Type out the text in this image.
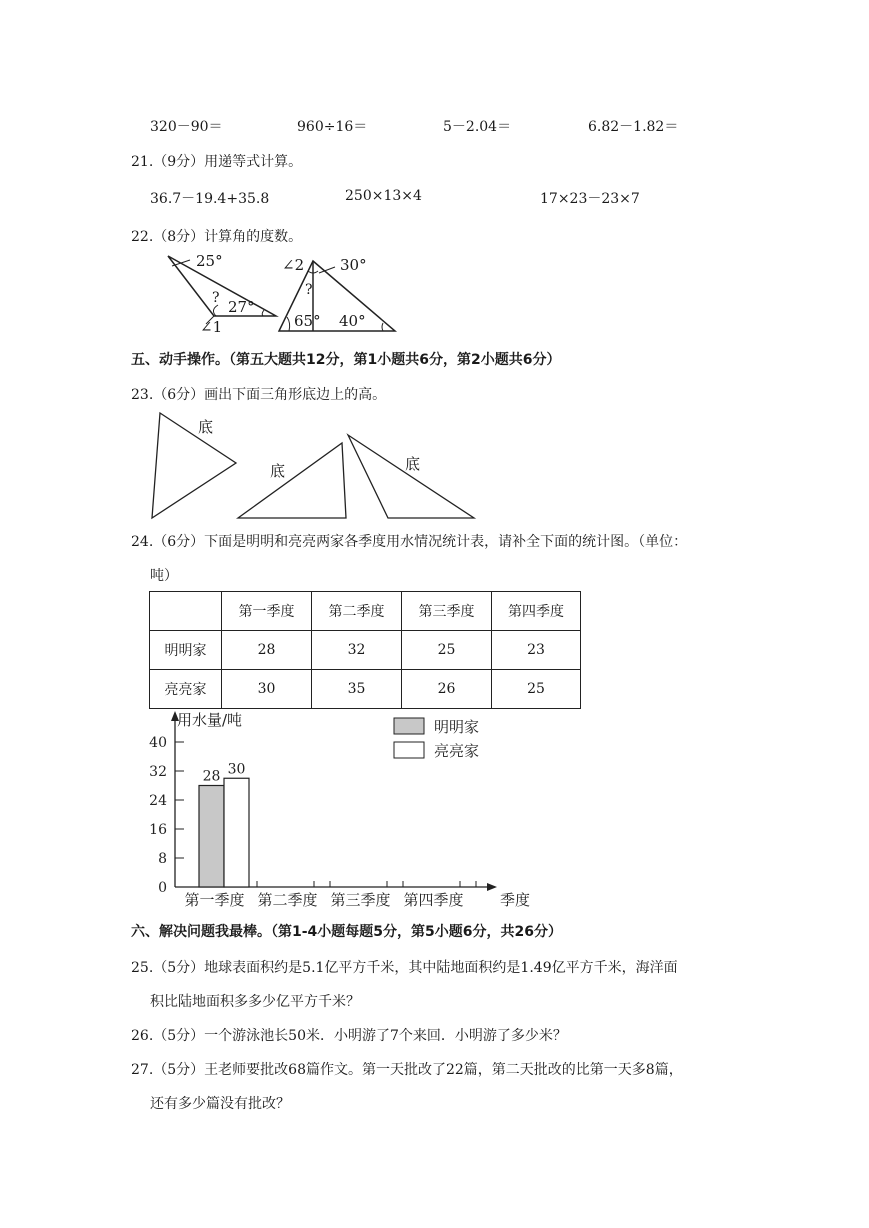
320－90＝	960÷16＝	5－2.04＝	6.82－1.82＝
21.（9分）用递等式计算。
36.7－19.4+35.8	250×13×4	17×23－23×7
22.（8分）计算角的度数。
25°
? 27°
∠1
∠2 30°
?
65° 40°
五、动手操作。（第五大题共12分，第1小题共6分，第2小题共6分）
23.（6分）画出下面三角形底边上的高。
底
底	底
24.（6分）下面是明明和亮亮两家各季度用水情况统计表，请补全下面的统计图。（单位：
吨）
	第一季度	第二季度	第三季度	第四季度
明明家	28	32	25	23
亮亮家	30	35	26	25
用水量/吨
0
8
16
24
32
40
第一季度 第二季度 第三季度 第四季度 季度
28 30
明明家
亮亮家
六、解决问题我最棒。（第1-4小题每题5分，第5小题6分，共26分）
25.（5分）地球表面积约是5.1亿平方千米，其中陆地面积约是1.49亿平方千米，海洋面
积比陆地面积多多少亿平方千米？
26.（5分）一个游泳池长50米．小明游了7个来回．小明游了多少米？
27.（5分）王老师要批改68篇作文。第一天批改了22篇，第二天批改的比第一天多8篇，
还有多少篇没有批改？
